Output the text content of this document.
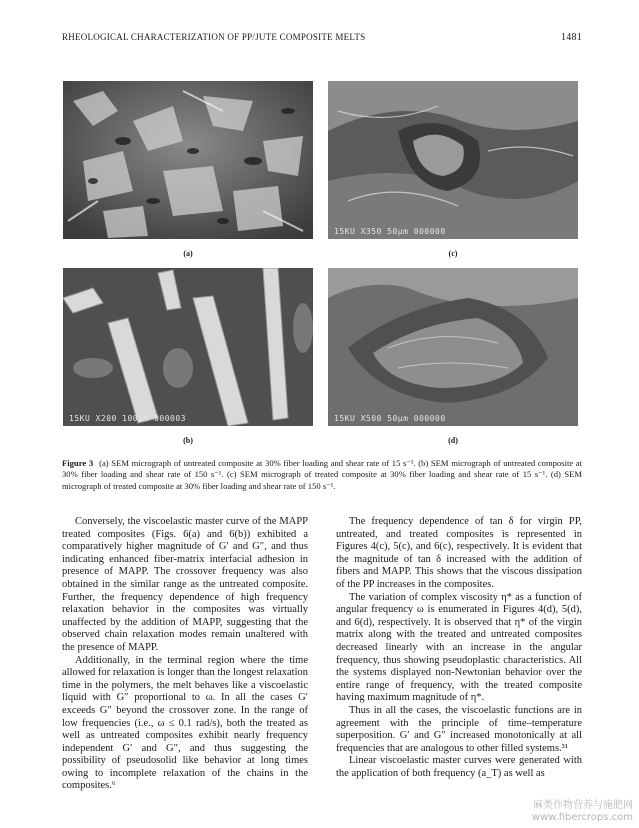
RHEOLOGICAL CHARACTERIZATION OF PP/JUTE COMPOSITE MELTS	1481
15KU X350 50μm 000000
15KU X200 100μm 000003	15KU X500 50μm 000000
(a)	(c)
(b)	(d)
Figure 3 (a) SEM micrograph of untreated composite at 30% fiber loading and shear rate of 15 s⁻¹. (b) SEM micrograph of untreated composite at 30% fiber loading and shear rate of 150 s⁻¹. (c) SEM micrograph of treated composite at 30% fiber loading and shear rate of 15 s⁻¹. (d) SEM micrograph of treated composite at 30% fiber loading and shear rate of 150 s⁻¹.

Conversely, the viscoelastic master curve of the MAPP treated composites (Figs. 6(a) and 6(b)) exhibited a comparatively higher magnitude of G′ and G″, and thus indicating enhanced fiber-matrix interfacial adhesion in presence of MAPP. The crossover frequency was also obtained in the similar range as the untreated composite. Further, the frequency dependence of high frequency relaxation behavior in the composites was virtually unaffected by the addition of MAPP, suggesting that the observed chain relaxation modes remain unaltered with the presence of MAPP.

Additionally, in the terminal region where the time allowed for relaxation is longer than the longest relaxation time in the polymers, the melt behaves like a viscoelastic liquid with G″ proportional to ω. In all the cases G′ exceeds G″ beyond the crossover zone. In the range of low frequencies (i.e., ω ≤ 0.1 rad/s), both the treated as well as untreated composites exhibit nearly frequency independent G′ and G″, and thus suggesting the possibility of pseudosolid like behavior at long times owing to incomplete relaxation of the chains in the composites.⁶

The frequency dependence of tan δ for virgin PP, untreated, and treated composites is represented in Figures 4(c), 5(c), and 6(c), respectively. It is evident that the magnitude of tan δ increased with the addition of fibers and MAPP. This shows that the viscous dissipation of the PP increases in the composites.

The variation of complex viscosity η* as a function of angular frequency ω is enumerated in Figures 4(d), 5(d), and 6(d), respectively. It is observed that η* of the virgin matrix along with the treated and untreated composites decreased linearly with an increase in the angular frequency, thus showing pseudoplastic characteristics. All the systems displayed non-Newtonian behavior over the entire range of frequency, with the treated composite having maximum magnitude of η*.

Thus in all the cases, the viscoelastic functions are in agreement with the principle of time–temperature superposition. G′ and G″ increased monotonically at all frequencies that are analogous to other filled systems.³¹

Linear viscoelastic master curves were generated with the application of both frequency (a_T) as well as

麻类作物营养与施肥网
www.fibercrops.com
